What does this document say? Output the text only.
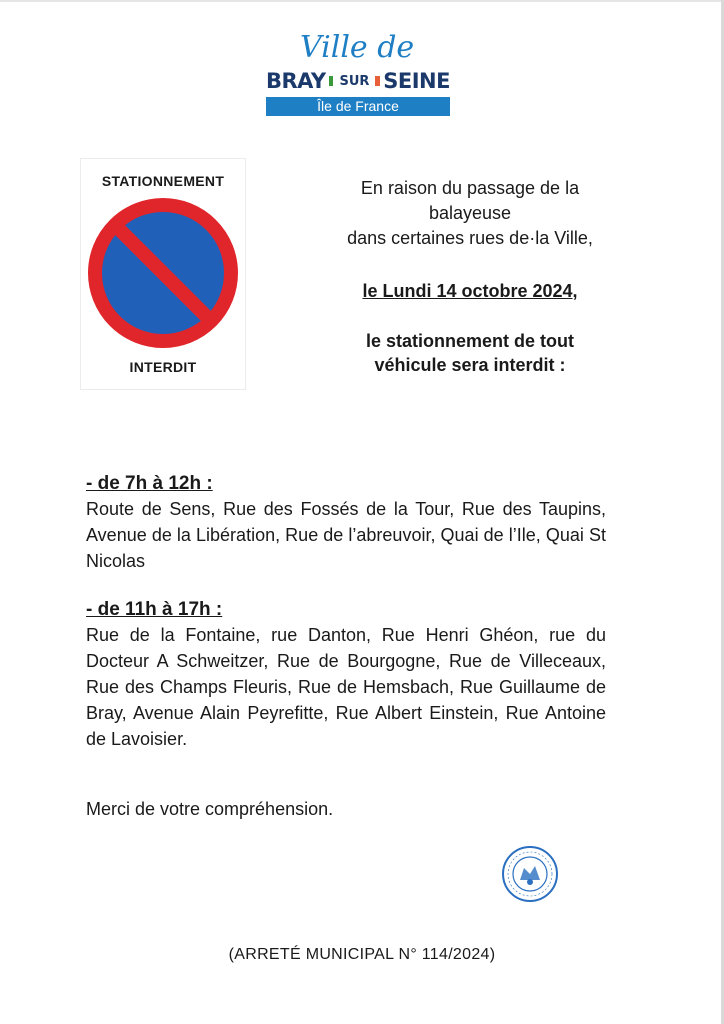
Ville de
BRAY SUR SEINE
Île de France
STATIONNEMENT
INTERDIT
En raison du passage de la
balayeuse
dans certaines rues de·la Ville,
le Lundi 14 octobre 2024,
le stationnement de tout
véhicule sera interdit :
- de 7h à 12h :
Route de Sens, Rue des Fossés de la Tour, Rue des Taupins, Avenue de la Libération, Rue de l’abreuvoir, Quai de l’Ile, Quai St Nicolas
- de 11h à 17h :
Rue de la Fontaine, rue Danton, Rue Henri Ghéon, rue du Docteur A Schweitzer, Rue de Bourgogne, Rue de Villeceaux, Rue des Champs Fleuris, Rue de Hemsbach, Rue Guillaume de Bray, Avenue Alain Peyrefitte, Rue Albert Einstein, Rue Antoine de Lavoisier.
Merci de votre compréhension.
(ARRETÉ MUNICIPAL N° 114/2024)
